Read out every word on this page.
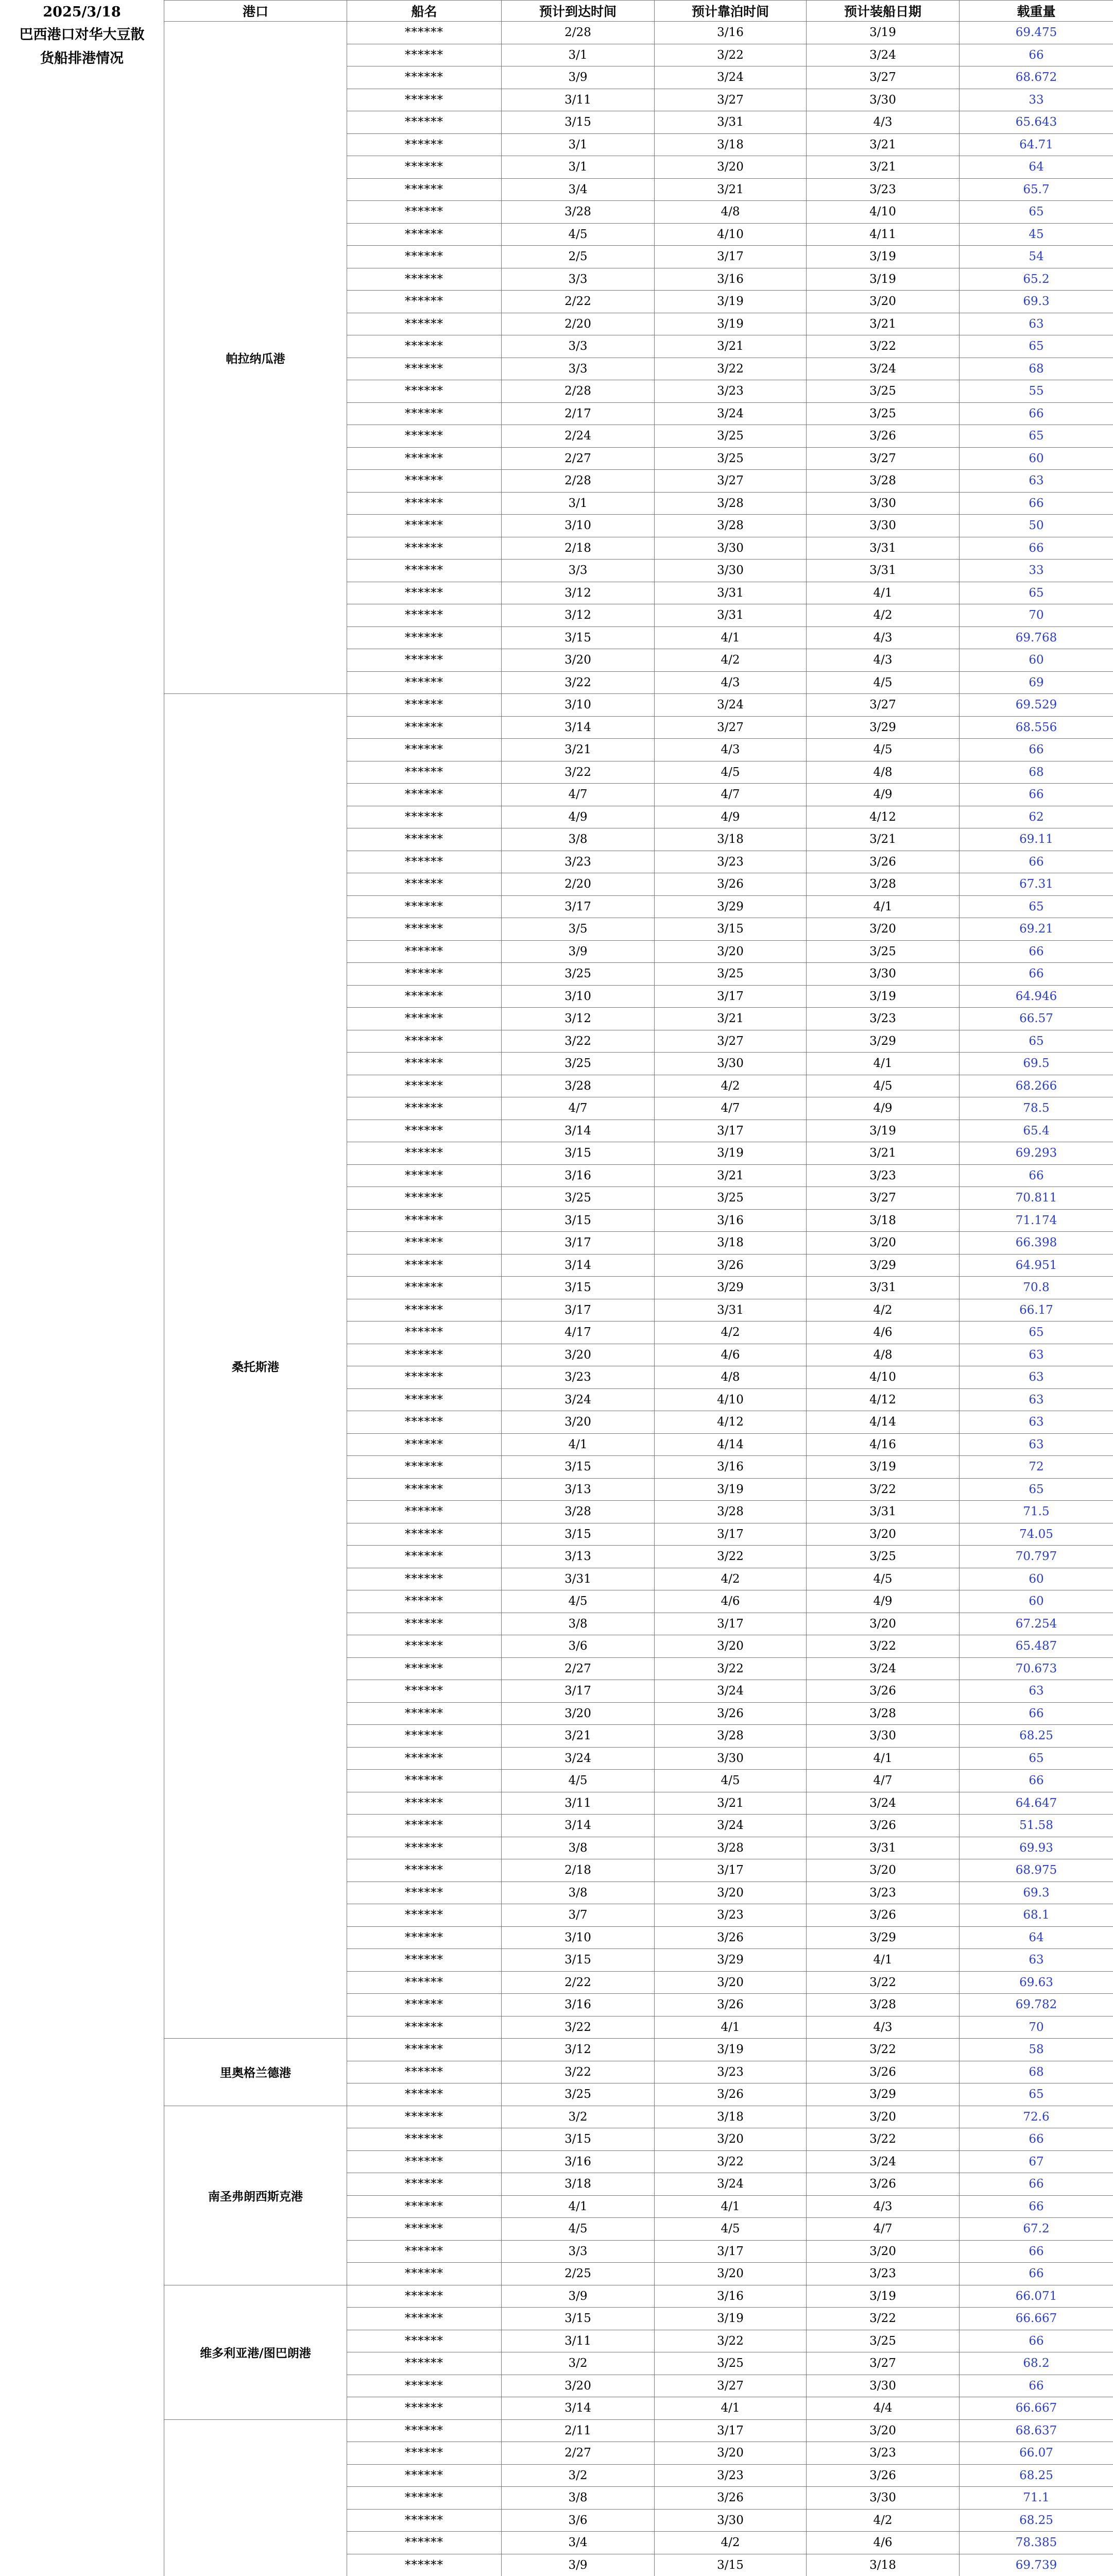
2025/3/18
巴西港口对华大豆散
货船排港情况
港口	船名	预计到达时间	预计靠泊时间	预计装船日期	载重量
帕拉纳瓜港	******	2/28	3/16	3/19	69.475
	******	3/1	3/22	3/24	66
	******	3/9	3/24	3/27	68.672
	******	3/11	3/27	3/30	33
	******	3/15	3/31	4/3	65.643
	******	3/1	3/18	3/21	64.71
	******	3/1	3/20	3/21	64
	******	3/4	3/21	3/23	65.7
	******	3/28	4/8	4/10	65
	******	4/5	4/10	4/11	45
	******	2/5	3/17	3/19	54
	******	3/3	3/16	3/19	65.2
	******	2/22	3/19	3/20	69.3
	******	2/20	3/19	3/21	63
	******	3/3	3/21	3/22	65
	******	3/3	3/22	3/24	68
	******	2/28	3/23	3/25	55
	******	2/17	3/24	3/25	66
	******	2/24	3/25	3/26	65
	******	2/27	3/25	3/27	60
	******	2/28	3/27	3/28	63
	******	3/1	3/28	3/30	66
	******	3/10	3/28	3/30	50
	******	2/18	3/30	3/31	66
	******	3/3	3/30	3/31	33
	******	3/12	3/31	4/1	65
	******	3/12	3/31	4/2	70
	******	3/15	4/1	4/3	69.768
	******	3/20	4/2	4/3	60
	******	3/22	4/3	4/5	69
桑托斯港	******	3/10	3/24	3/27	69.529
	******	3/14	3/27	3/29	68.556
	******	3/21	4/3	4/5	66
	******	3/22	4/5	4/8	68
	******	4/7	4/7	4/9	66
	******	4/9	4/9	4/12	62
	******	3/8	3/18	3/21	69.11
	******	3/23	3/23	3/26	66
	******	2/20	3/26	3/28	67.31
	******	3/17	3/29	4/1	65
	******	3/5	3/15	3/20	69.21
	******	3/9	3/20	3/25	66
	******	3/25	3/25	3/30	66
	******	3/10	3/17	3/19	64.946
	******	3/12	3/21	3/23	66.57
	******	3/22	3/27	3/29	65
	******	3/25	3/30	4/1	69.5
	******	3/28	4/2	4/5	68.266
	******	4/7	4/7	4/9	78.5
	******	3/14	3/17	3/19	65.4
	******	3/15	3/19	3/21	69.293
	******	3/16	3/21	3/23	66
	******	3/25	3/25	3/27	70.811
	******	3/15	3/16	3/18	71.174
	******	3/17	3/18	3/20	66.398
	******	3/14	3/26	3/29	64.951
	******	3/15	3/29	3/31	70.8
	******	3/17	3/31	4/2	66.17
	******	4/17	4/2	4/6	65
	******	3/20	4/6	4/8	63
	******	3/23	4/8	4/10	63
	******	3/24	4/10	4/12	63
	******	3/20	4/12	4/14	63
	******	4/1	4/14	4/16	63
	******	3/15	3/16	3/19	72
	******	3/13	3/19	3/22	65
	******	3/28	3/28	3/31	71.5
	******	3/15	3/17	3/20	74.05
	******	3/13	3/22	3/25	70.797
	******	3/31	4/2	4/5	60
	******	4/5	4/6	4/9	60
	******	3/8	3/17	3/20	67.254
	******	3/6	3/20	3/22	65.487
	******	2/27	3/22	3/24	70.673
	******	3/17	3/24	3/26	63
	******	3/20	3/26	3/28	66
	******	3/21	3/28	3/30	68.25
	******	3/24	3/30	4/1	65
	******	4/5	4/5	4/7	66
	******	3/11	3/21	3/24	64.647
	******	3/14	3/24	3/26	51.58
	******	3/8	3/28	3/31	69.93
	******	2/18	3/17	3/20	68.975
	******	3/8	3/20	3/23	69.3
	******	3/7	3/23	3/26	68.1
	******	3/10	3/26	3/29	64
	******	3/15	3/29	4/1	63
	******	2/22	3/20	3/22	69.63
	******	3/16	3/26	3/28	69.782
	******	3/22	4/1	4/3	70
里奥格兰德港	******	3/12	3/19	3/22	58
	******	3/22	3/23	3/26	68
	******	3/25	3/26	3/29	65
南圣弗朗西斯克港	******	3/2	3/18	3/20	72.6
	******	3/15	3/20	3/22	66
	******	3/16	3/22	3/24	67
	******	3/18	3/24	3/26	66
	******	4/1	4/1	4/3	66
	******	4/5	4/5	4/7	67.2
	******	3/3	3/17	3/20	66
	******	2/25	3/20	3/23	66
维多利亚港/图巴朗港	******	3/9	3/16	3/19	66.071
	******	3/15	3/19	3/22	66.667
	******	3/11	3/22	3/25	66
	******	3/2	3/25	3/27	68.2
	******	3/20	3/27	3/30	66
	******	3/14	4/1	4/4	66.667
	******	2/11	3/17	3/20	68.637
	******	2/27	3/20	3/23	66.07
	******	3/2	3/23	3/26	68.25
	******	3/8	3/26	3/30	71.1
	******	3/6	3/30	4/2	68.25
	******	3/4	4/2	4/6	78.385
	******	3/9	3/15	3/18	69.739
